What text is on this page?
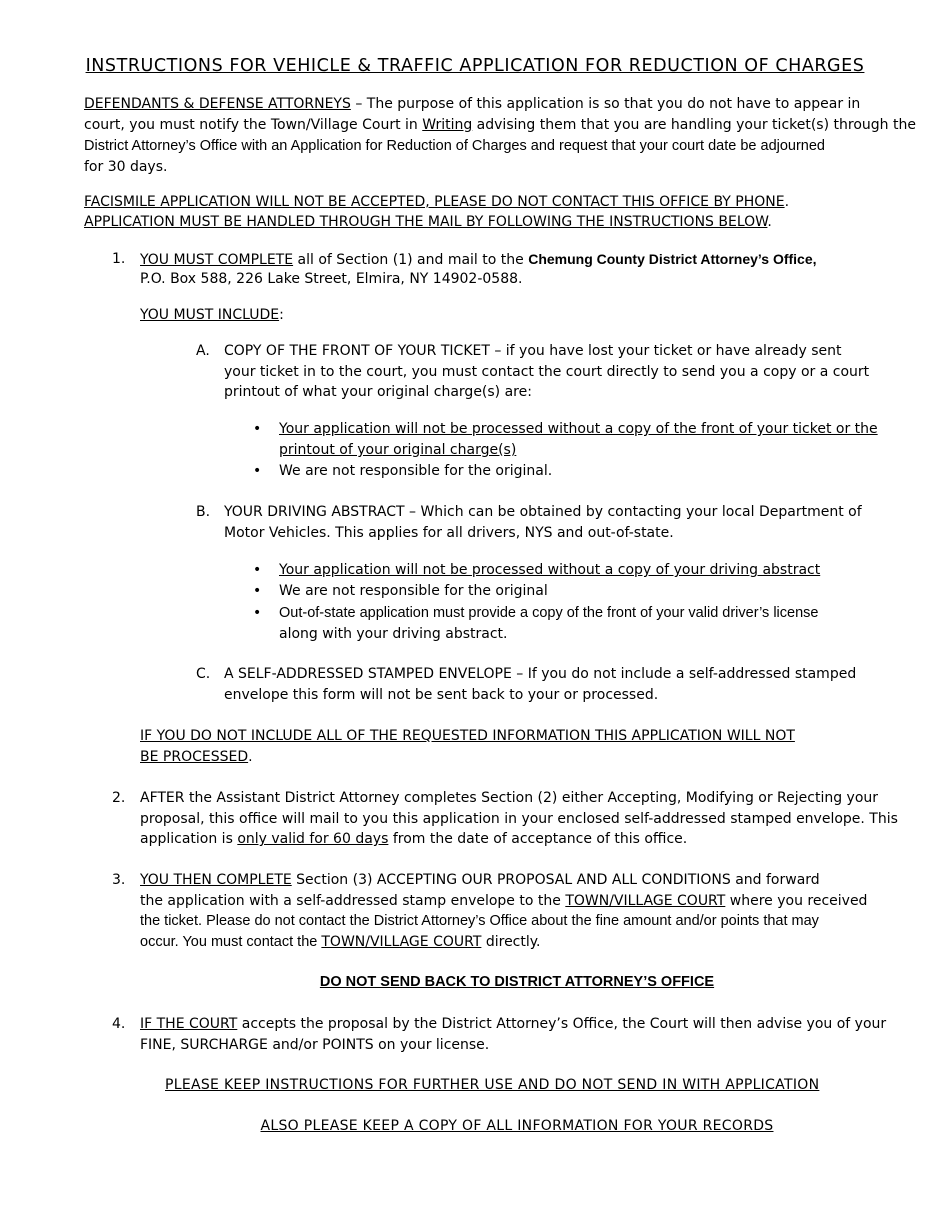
INSTRUCTIONS FOR VEHICLE & TRAFFIC APPLICATION FOR REDUCTION OF CHARGES
DEFENDANTS & DEFENSE ATTORNEYS – The purpose of this application is so that you do not have to appear in
court, you must notify the Town/Village Court in Writing advising them that you are handling your ticket(s) through the
District Attorney’s Office with an Application for Reduction of Charges and request that your court date be adjourned
for 30 days.
FACISMILE APPLICATION WILL NOT BE ACCEPTED, PLEASE DO NOT CONTACT THIS OFFICE BY PHONE.
APPLICATION MUST BE HANDLED THROUGH THE MAIL BY FOLLOWING THE INSTRUCTIONS BELOW.
1. YOU MUST COMPLETE all of Section (1) and mail to the Chemung County District Attorney’s Office,
P.O. Box 588, 226 Lake Street, Elmira, NY 14902-0588.
YOU MUST INCLUDE:
A. COPY OF THE FRONT OF YOUR TICKET – if you have lost your ticket or have already sent
your ticket in to the court, you must contact the court directly to send you a copy or a court
printout of what your original charge(s) are:
• Your application will not be processed without a copy of the front of your ticket or the
printout of your original charge(s)
• We are not responsible for the original.
B. YOUR DRIVING ABSTRACT – Which can be obtained by contacting your local Department of
Motor Vehicles. This applies for all drivers, NYS and out-of-state.
• Your application will not be processed without a copy of your driving abstract
• We are not responsible for the original
• Out-of-state application must provide a copy of the front of your valid driver’s license
along with your driving abstract.
C. A SELF-ADDRESSED STAMPED ENVELOPE – If you do not include a self-addressed stamped
envelope this form will not be sent back to your or processed.
IF YOU DO NOT INCLUDE ALL OF THE REQUESTED INFORMATION THIS APPLICATION WILL NOT
BE PROCESSED.
2. AFTER the Assistant District Attorney completes Section (2) either Accepting, Modifying or Rejecting your
proposal, this office will mail to you this application in your enclosed self-addressed stamped envelope. This
application is only valid for 60 days from the date of acceptance of this office.
3. YOU THEN COMPLETE Section (3) ACCEPTING OUR PROPOSAL AND ALL CONDITIONS and forward
the application with a self-addressed stamp envelope to the TOWN/VILLAGE COURT where you received
the ticket. Please do not contact the District Attorney’s Office about the fine amount and/or points that may
occur. You must contact the TOWN/VILLAGE COURT directly.
DO NOT SEND BACK TO DISTRICT ATTORNEY’S OFFICE
4. IF THE COURT accepts the proposal by the District Attorney’s Office, the Court will then advise you of your
FINE, SURCHARGE and/or POINTS on your license.
PLEASE KEEP INSTRUCTIONS FOR FURTHER USE AND DO NOT SEND IN WITH APPLICATION
ALSO PLEASE KEEP A COPY OF ALL INFORMATION FOR YOUR RECORDS
